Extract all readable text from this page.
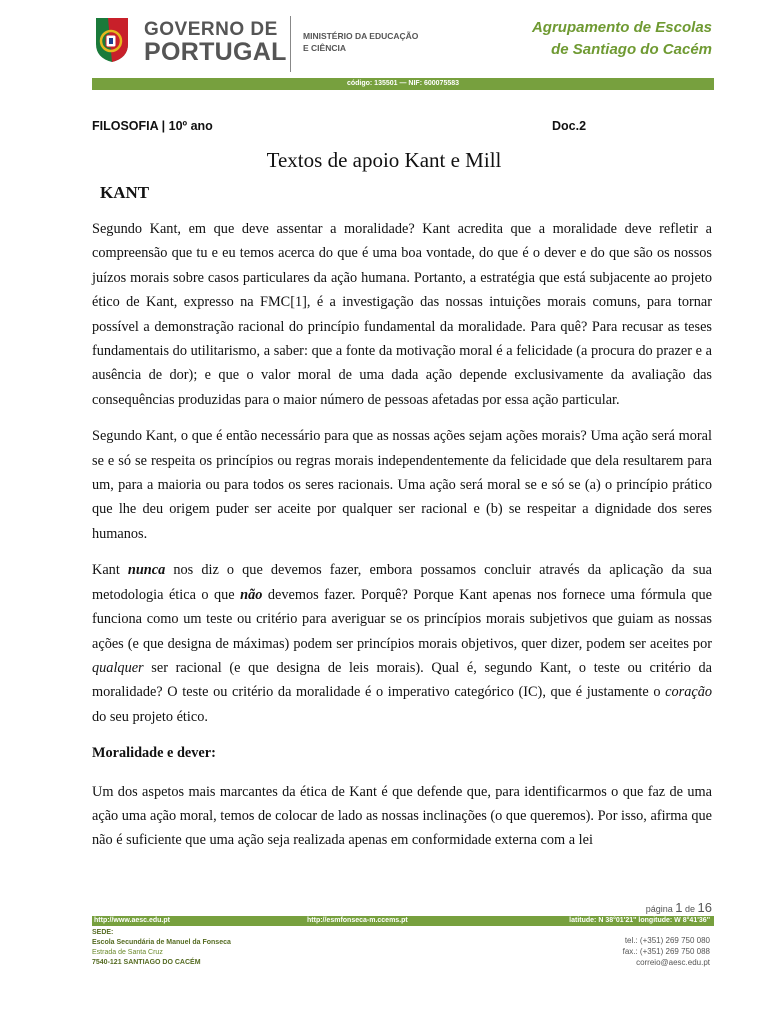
GOVERNO DE
PORTUGAL
MINISTÉRIO DA EDUCAÇÃO
E CIÊNCIA
Agrupamento de Escolas
de Santiago do Cacém
código: 135501 — NIF: 600075583
FILOSOFIA | 10º ano	Doc.2
Textos de apoio Kant e Mill
KANT

Segundo Kant, em que deve assentar a moralidade? Kant acredita que a moralidade deve refletir a compreensão que tu e eu temos acerca do que é uma boa vontade, do que é o dever e do que são os nossos juízos morais sobre casos particulares da ação humana. Portanto, a estratégia que está subjacente ao projeto ético de Kant, expresso na FMC[1], é a investigação das nossas intuições morais comuns, para tornar possível a demonstração racional do princípio fundamental da moralidade. Para quê? Para recusar as teses fundamentais do utilitarismo, a saber: que a fonte da motivação moral é a felicidade (a procura do prazer e a ausência de dor); e que o valor moral de uma dada ação depende exclusivamente da avaliação das consequências produzidas para o maior número de pessoas afetadas por essa ação particular.

Segundo Kant, o que é então necessário para que as nossas ações sejam ações morais? Uma ação será moral se e só se respeita os princípios ou regras morais independentemente da felicidade que dela resultarem para um, para a maioria ou para todos os seres racionais. Uma ação será moral se e só se (a) o princípio prático que lhe deu origem puder ser aceite por qualquer ser racional e (b) se respeitar a dignidade dos seres humanos.

Kant nunca nos diz o que devemos fazer, embora possamos concluir através da aplicação da sua metodologia ética o que não devemos fazer. Porquê? Porque Kant apenas nos fornece uma fórmula que funciona como um teste ou critério para averiguar se os princípios morais subjetivos que guiam as nossas ações (e que designa de máximas) podem ser princípios morais objetivos, quer dizer, podem ser aceites por qualquer ser racional (e que designa de leis morais). Qual é, segundo Kant, o teste ou critério da moralidade? O teste ou critério da moralidade é o imperativo categórico (IC), que é justamente o coração do seu projeto ético.

Moralidade e dever:

Um dos aspetos mais marcantes da ética de Kant é que defende que, para identificarmos o que faz de uma ação uma ação moral, temos de colocar de lado as nossas inclinações (o que queremos). Por isso, afirma que não é suficiente que uma ação seja realizada apenas em conformidade externa com a lei

página 1 de 16
http://www.aesc.edu.pt	http://esmfonseca-m.ccems.pt	latitude: N 38°01'21'' longitude: W 8°41'36''
SEDE:
Escola Secundária de Manuel da Fonseca
Estrada de Santa Cruz
7540-121 SANTIAGO DO CACÉM
tel.: (+351) 269 750 080
fax.: (+351) 269 750 088
correio@aesc.edu.pt
